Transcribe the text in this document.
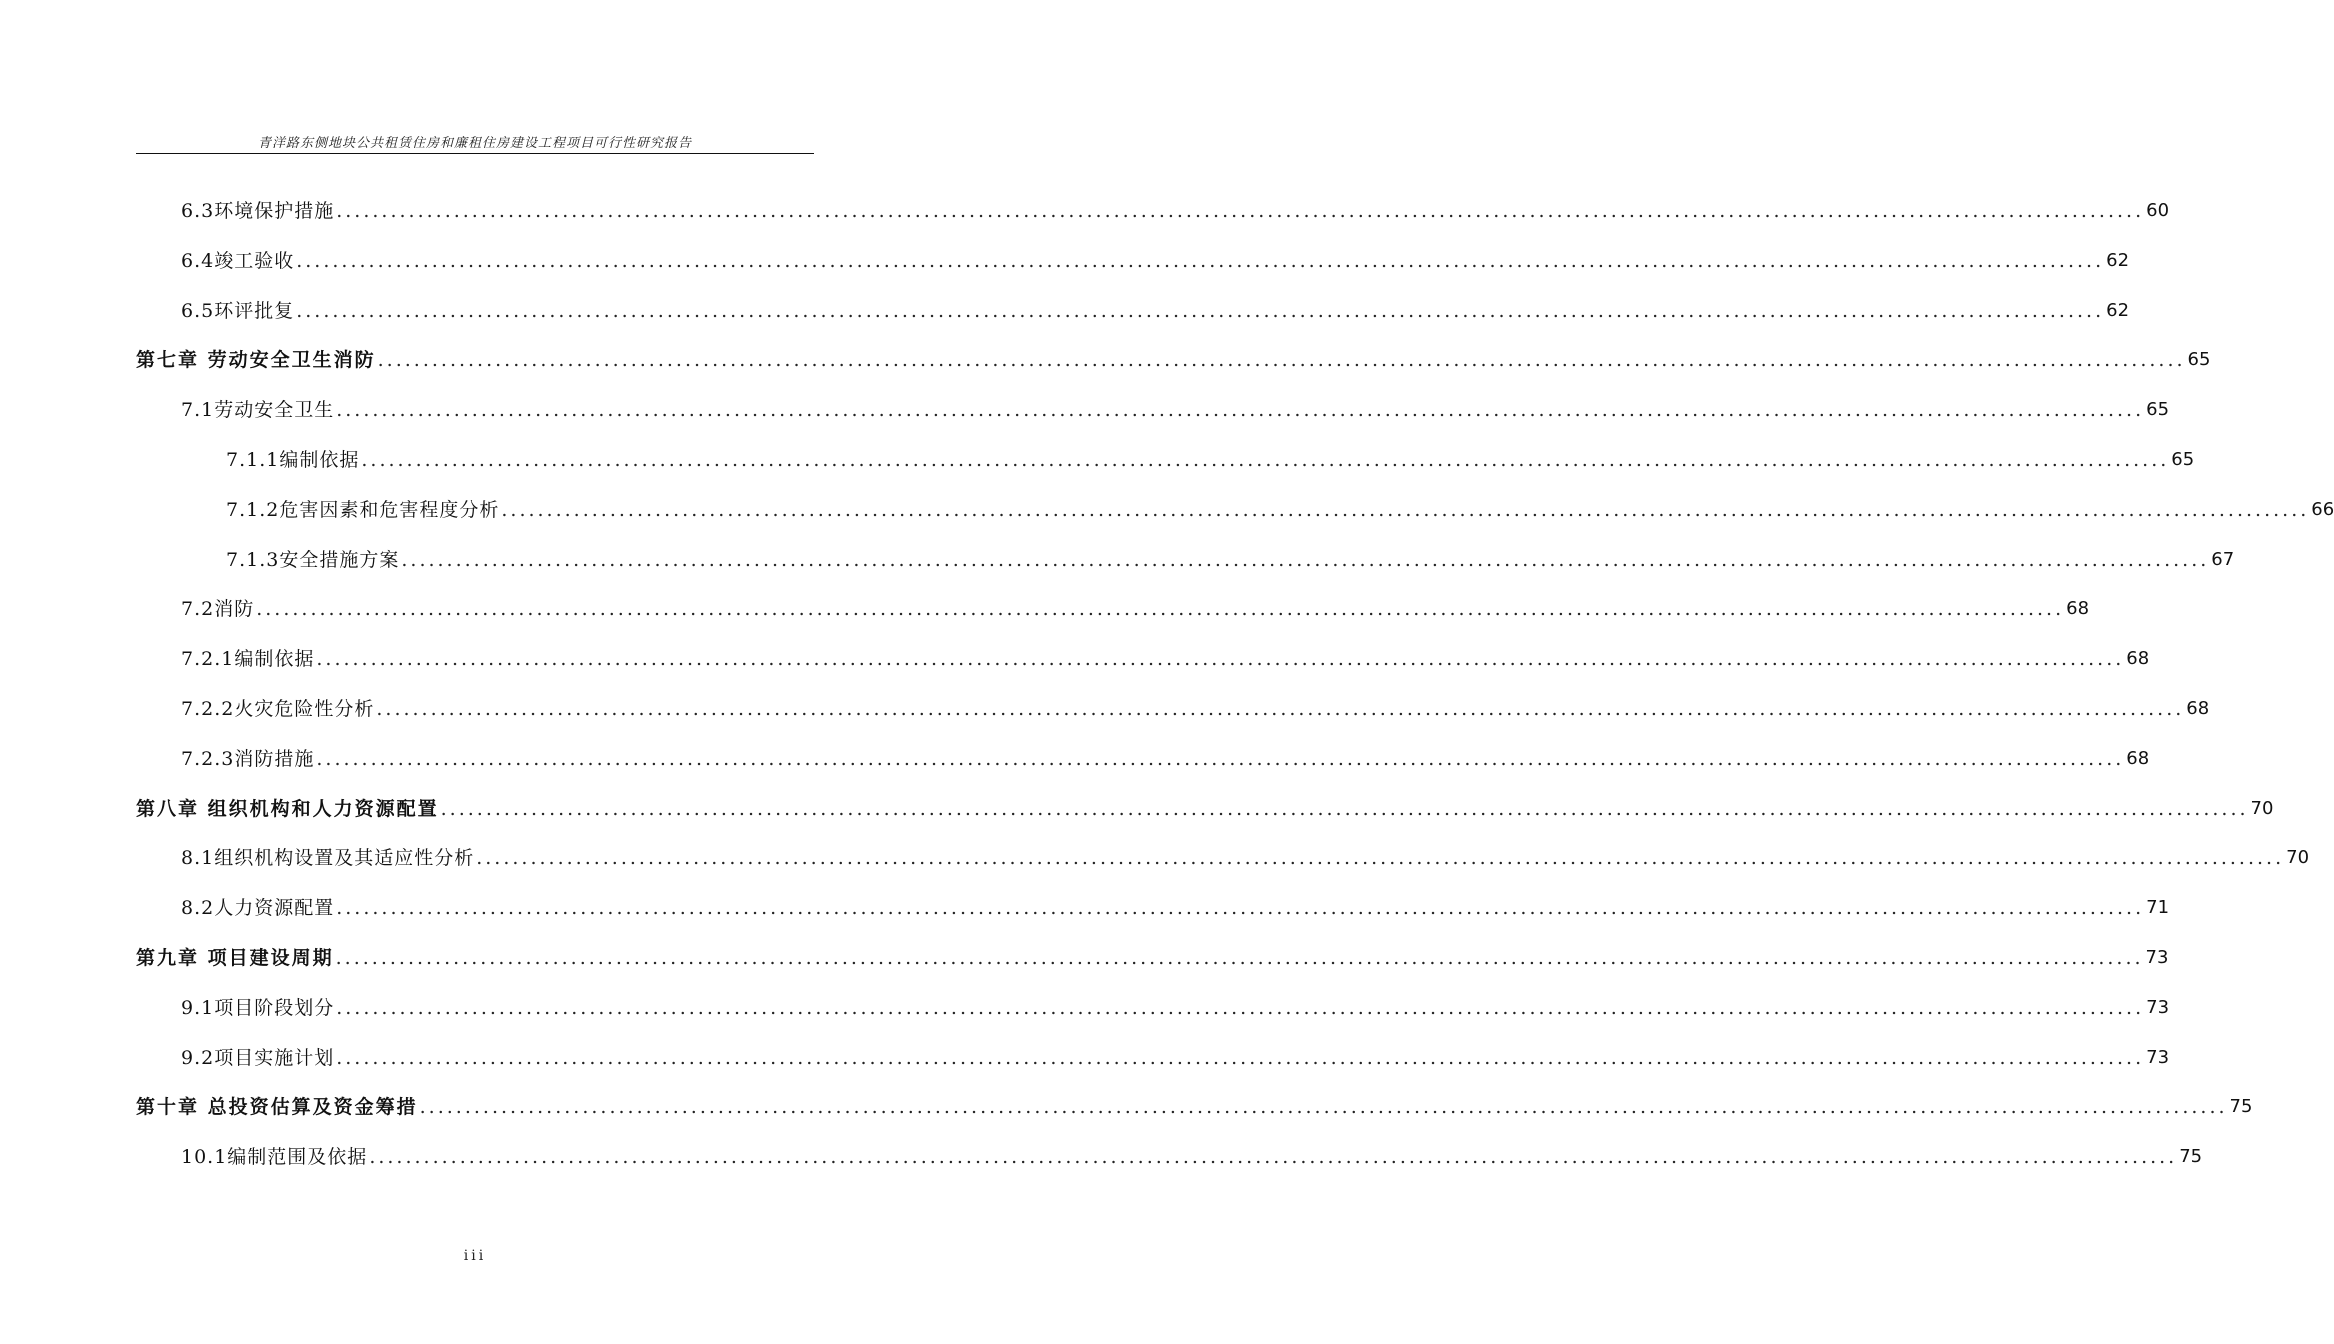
青洋路东侧地块公共租赁住房和廉租住房建设工程项目可行性研究报告
6.3环境保护措施 ........................................................................................................................................................................................................ 60
6.4竣工验收 ........................................................................................................................................................................................................ 62
6.5环评批复 ........................................................................................................................................................................................................ 62
第七章 劳动安全卫生消防 ........................................................................................................................................................................................................ 65
7.1劳动安全卫生 ........................................................................................................................................................................................................ 65
7.1.1编制依据 ........................................................................................................................................................................................................ 65
7.1.2危害因素和危害程度分析 ........................................................................................................................................................................................................ 66
7.1.3安全措施方案 ........................................................................................................................................................................................................ 67
7.2消防 ........................................................................................................................................................................................................ 68
7.2.1编制依据 ........................................................................................................................................................................................................ 68
7.2.2火灾危险性分析 ........................................................................................................................................................................................................ 68
7.2.3消防措施 ........................................................................................................................................................................................................ 68
第八章 组织机构和人力资源配置 ........................................................................................................................................................................................................ 70
8.1组织机构设置及其适应性分析 ........................................................................................................................................................................................................ 70
8.2人力资源配置 ........................................................................................................................................................................................................ 71
第九章 项目建设周期 ........................................................................................................................................................................................................ 73
9.1项目阶段划分 ........................................................................................................................................................................................................ 73
9.2项目实施计划 ........................................................................................................................................................................................................ 73
第十章 总投资估算及资金筹措 ........................................................................................................................................................................................................ 75
10.1编制范围及依据 ........................................................................................................................................................................................................ 75
iii
